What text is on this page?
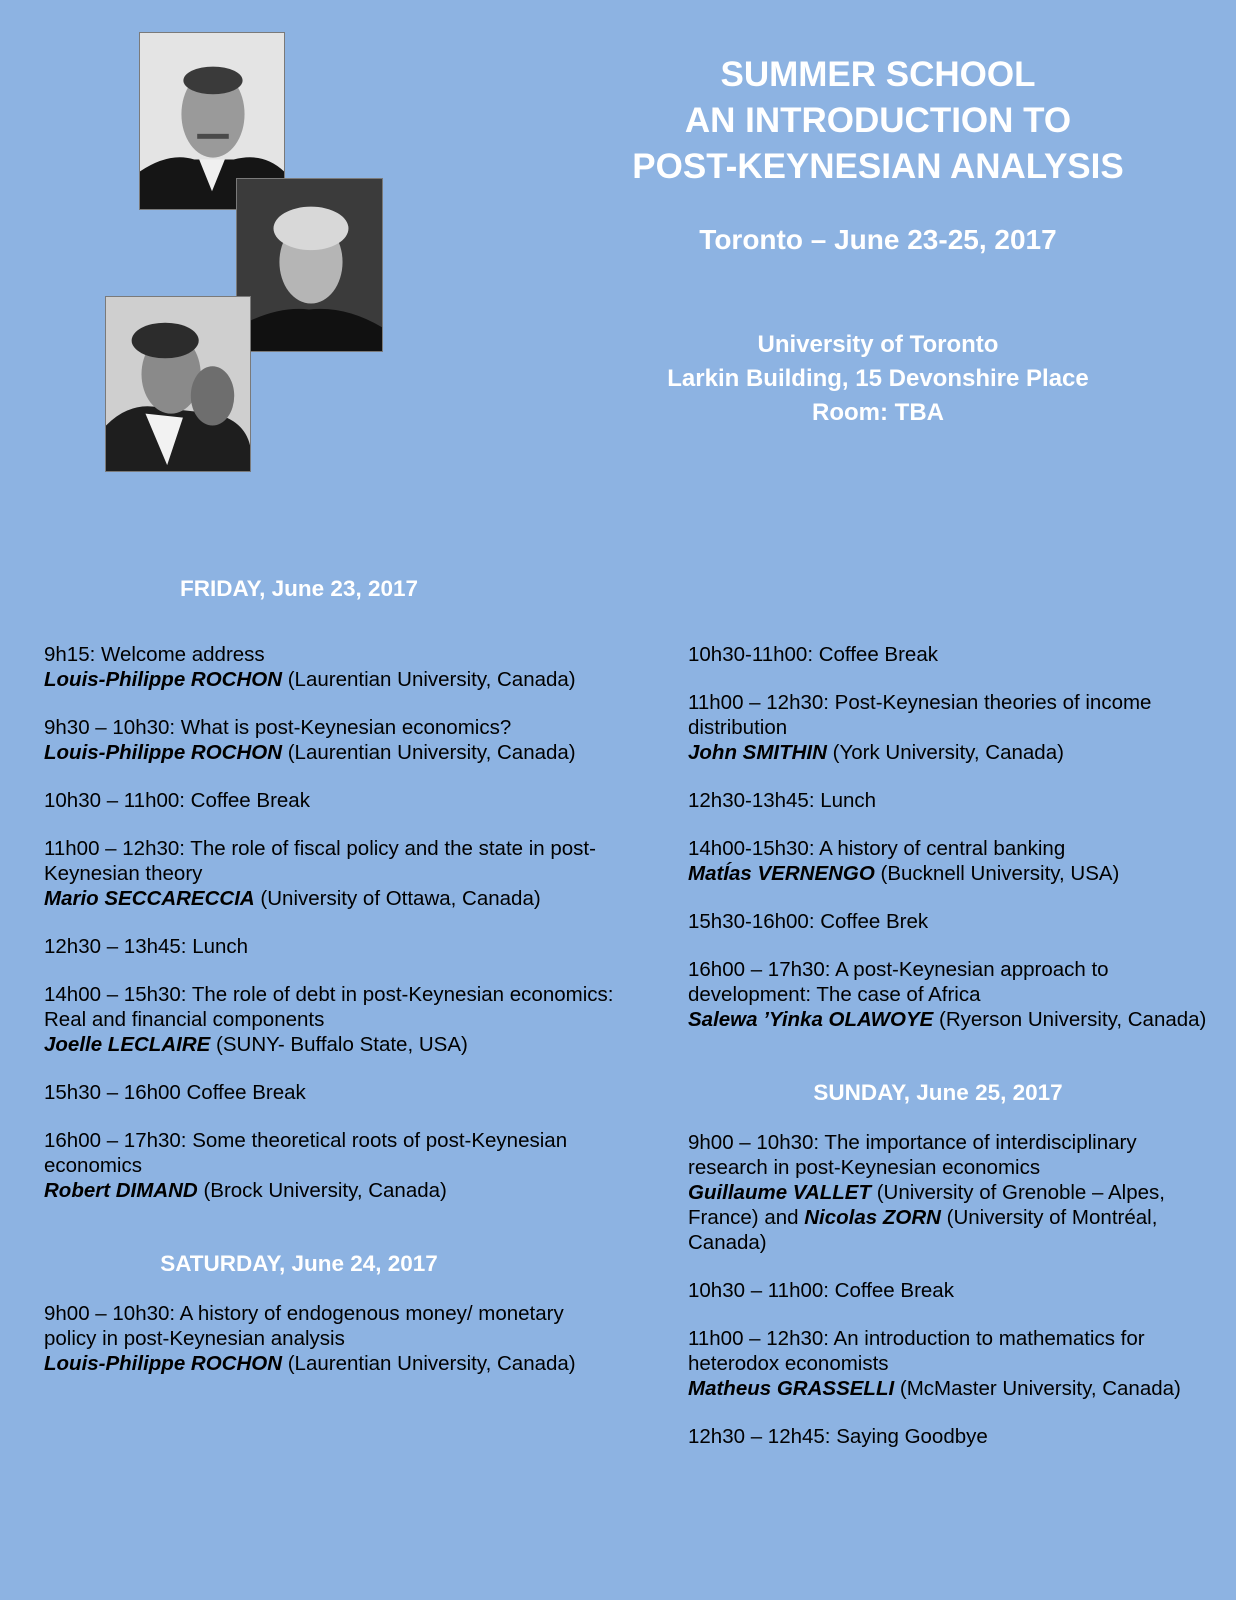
SUMMER SCHOOL
AN INTRODUCTION TO
POST-KEYNESIAN ANALYSIS
Toronto – June 23-25, 2017
University of Toronto
Larkin Building, 15 Devonshire Place
Room: TBA
FRIDAY, June 23, 2017
9h15: Welcome address
Louis-Philippe ROCHON (Laurentian University, Canada)
9h30 – 10h30: What is post-Keynesian economics?
Louis-Philippe ROCHON (Laurentian University, Canada)
10h30 – 11h00: Coffee Break
11h00 – 12h30: The role of fiscal policy and the state in post-Keynesian theory
Mario SECCARECCIA (University of Ottawa, Canada)
12h30 – 13h45: Lunch
14h00 – 15h30: The role of debt in post-Keynesian economics: Real and financial components
Joelle LECLAIRE (SUNY- Buffalo State, USA)
15h30 – 16h00 Coffee Break
16h00 – 17h30: Some theoretical roots of post-Keynesian economics
Robert DIMAND (Brock University, Canada)
SATURDAY, June 24, 2017
9h00 – 10h30: A history of endogenous money/ monetary policy in post-Keynesian analysis
Louis-Philippe ROCHON (Laurentian University, Canada)
10h30-11h00: Coffee Break
11h00 – 12h30: Post-Keynesian theories of income distribution
John SMITHIN (York University, Canada)
12h30-13h45: Lunch
14h00-15h30: A history of central banking
MatÍas VERNENGO (Bucknell University, USA)
15h30-16h00: Coffee Brek
16h00 – 17h30: A post-Keynesian approach to development: The case of Africa
Salewa ’Yinka OLAWOYE (Ryerson University, Canada)
SUNDAY, June 25, 2017
9h00 – 10h30: The importance of interdisciplinary research in post-Keynesian economics
Guillaume VALLET (University of Grenoble – Alpes, France) and Nicolas ZORN (University of Montréal, Canada)
10h30 – 11h00: Coffee Break
11h00 – 12h30: An introduction to mathematics for heterodox economists
Matheus GRASSELLI (McMaster University, Canada)
12h30 – 12h45: Saying Goodbye
